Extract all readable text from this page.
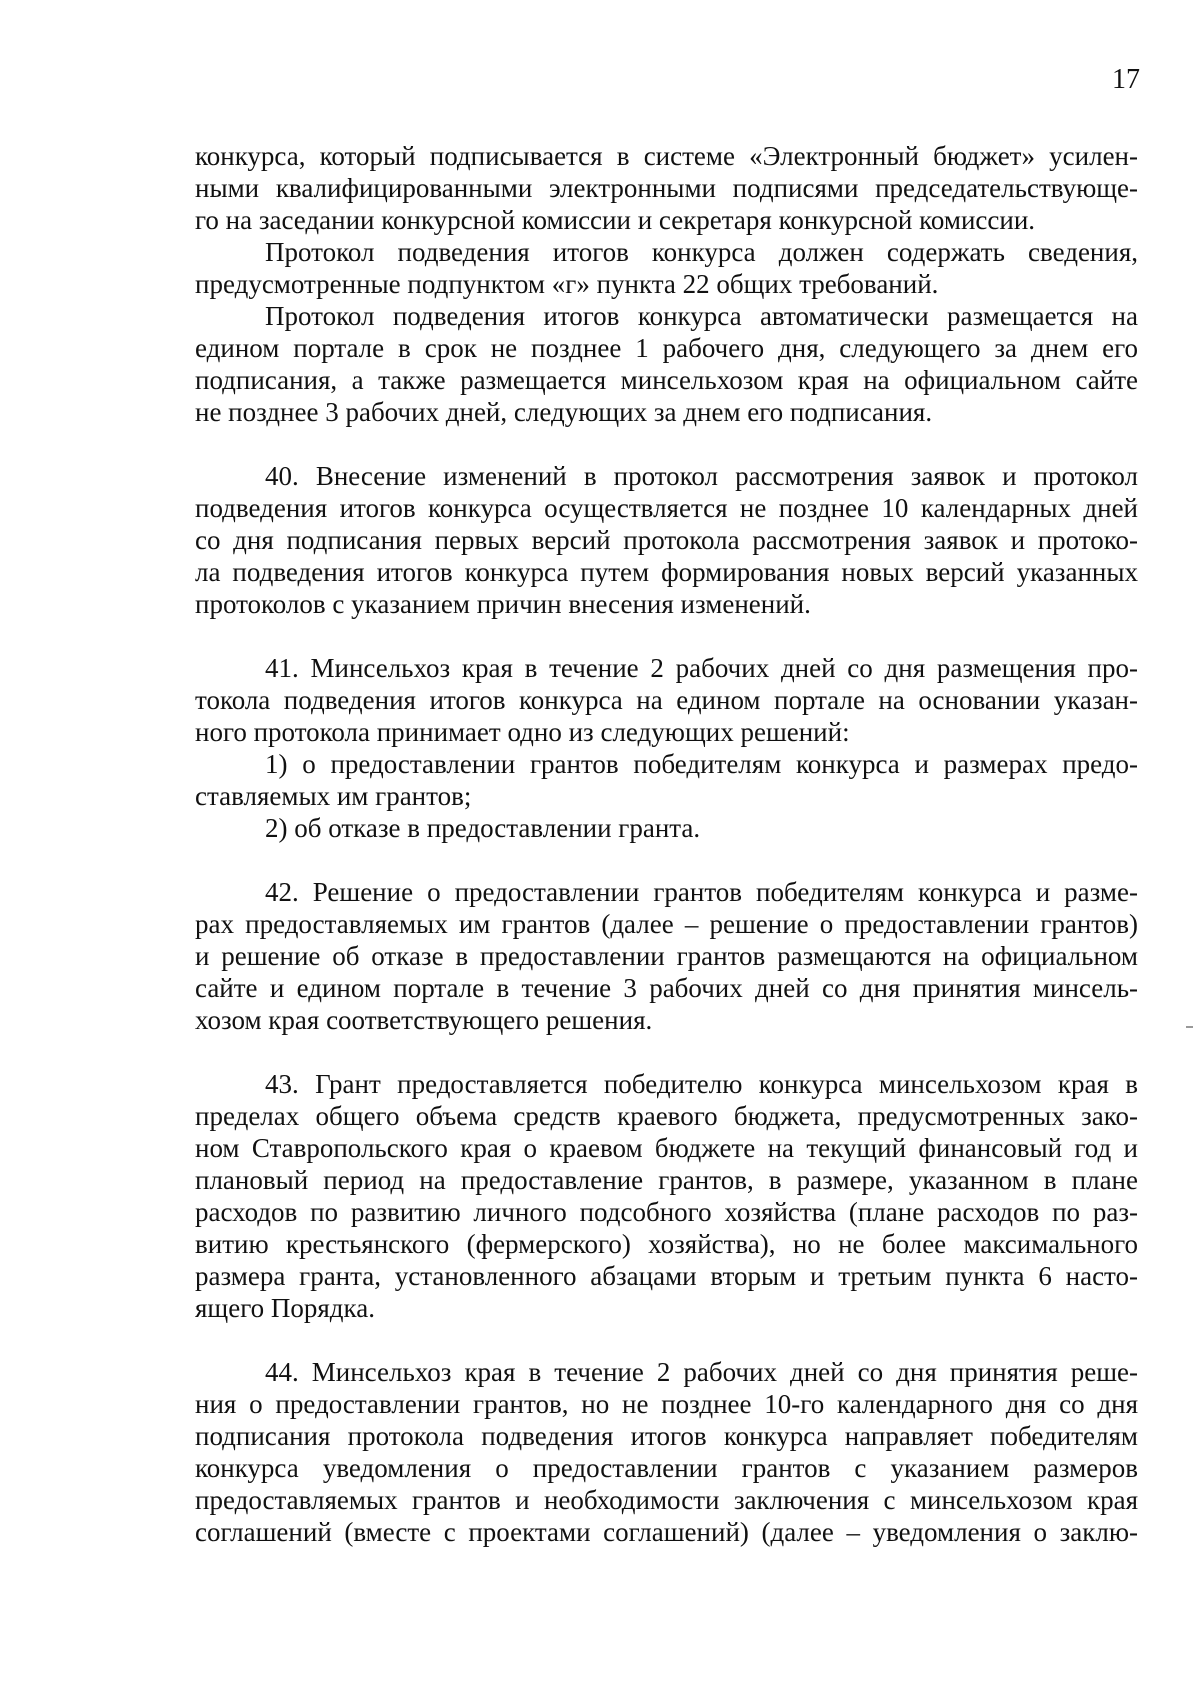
17
конкурса, который подписывается в системе «Электронный бюджет» усилен-
ными квалифицированными электронными подписями председательствующе-
го на заседании конкурсной комиссии и секретаря конкурсной комиссии.
Протокол подведения итогов конкурса должен содержать сведения,
предусмотренные подпунктом «г» пункта 22 общих требований.
Протокол подведения итогов конкурса автоматически размещается на
едином портале в срок не позднее 1 рабочего дня, следующего за днем его
подписания, а также размещается минсельхозом края на официальном сайте
не позднее 3 рабочих дней, следующих за днем его подписания.
40. Внесение изменений в протокол рассмотрения заявок и протокол
подведения итогов конкурса осуществляется не позднее 10 календарных дней
со дня подписания первых версий протокола рассмотрения заявок и протоко-
ла подведения итогов конкурса путем формирования новых версий указанных
протоколов с указанием причин внесения изменений.
41. Минсельхоз края в течение 2 рабочих дней со дня размещения про-
токола подведения итогов конкурса на едином портале на основании указан-
ного протокола принимает одно из следующих решений:
1) о предоставлении грантов победителям конкурса и размерах предо-
ставляемых им грантов;
2) об отказе в предоставлении гранта.
42. Решение о предоставлении грантов победителям конкурса и разме-
рах предоставляемых им грантов (далее – решение о предоставлении грантов)
и решение об отказе в предоставлении грантов размещаются на официальном
сайте и едином портале в течение 3 рабочих дней со дня принятия минсель-
хозом края соответствующего решения.
43. Грант предоставляется победителю конкурса минсельхозом края в
пределах общего объема средств краевого бюджета, предусмотренных зако-
ном Ставропольского края о краевом бюджете на текущий финансовый год и
плановый период на предоставление грантов, в размере, указанном в плане
расходов по развитию личного подсобного хозяйства (плане расходов по раз-
витию крестьянского (фермерского) хозяйства), но не более максимального
размера гранта, установленного абзацами вторым и третьим пункта 6 насто-
ящего Порядка.
44. Минсельхоз края в течение 2 рабочих дней со дня принятия реше-
ния о предоставлении грантов, но не позднее 10-го календарного дня со дня
подписания протокола подведения итогов конкурса направляет победителям
конкурса уведомления о предоставлении грантов с указанием размеров
предоставляемых грантов и необходимости заключения с минсельхозом края
соглашений (вместе с проектами соглашений) (далее – уведомления о заклю-
